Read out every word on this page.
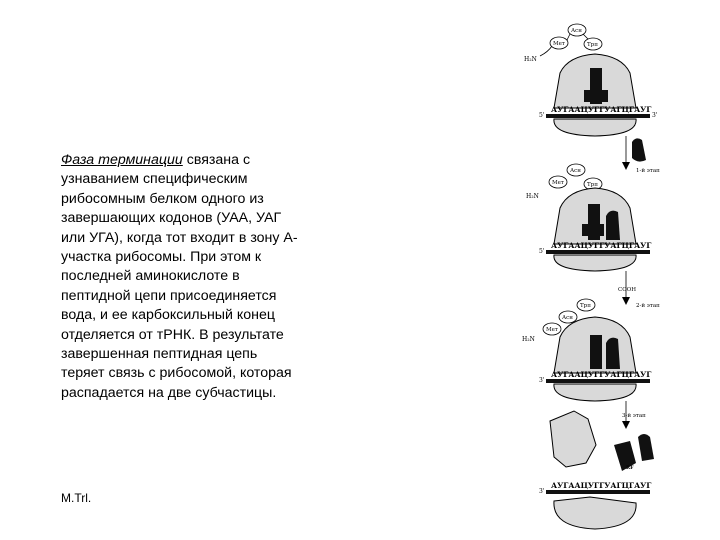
Фаза терминации связана с
узнаванием специфическим
рибосомным белком одного из
завершающих кодонов (УАА, УАГ
или УГА), когда тот входит в зону А-
участка рибосомы. При этом к
последней аминокислоте в
пептидной цепи присоединяется
вода, и ее карбоксильный конец
отделяется от тРНК. В результате
завершенная пептидная цепь
теряет связь с рибосомой, которая
распадается на две субчастицы.
M.Trl.
H₂N
Мет
Асн
Трп
АУГААЦУГГУАГЦГАУГ
5'	3'
1-й этап
H₂N
Мет
Асн
Трп
АУГААЦУГГУАГЦГАУГ
5'
COOH
2-й этап
H₂N
Мет
Асн
Трп
АУГААЦУГГУАГЦГАУГ
3'
3-й этап
RF
АУГААЦУГГУАГЦГАУГ
3'
